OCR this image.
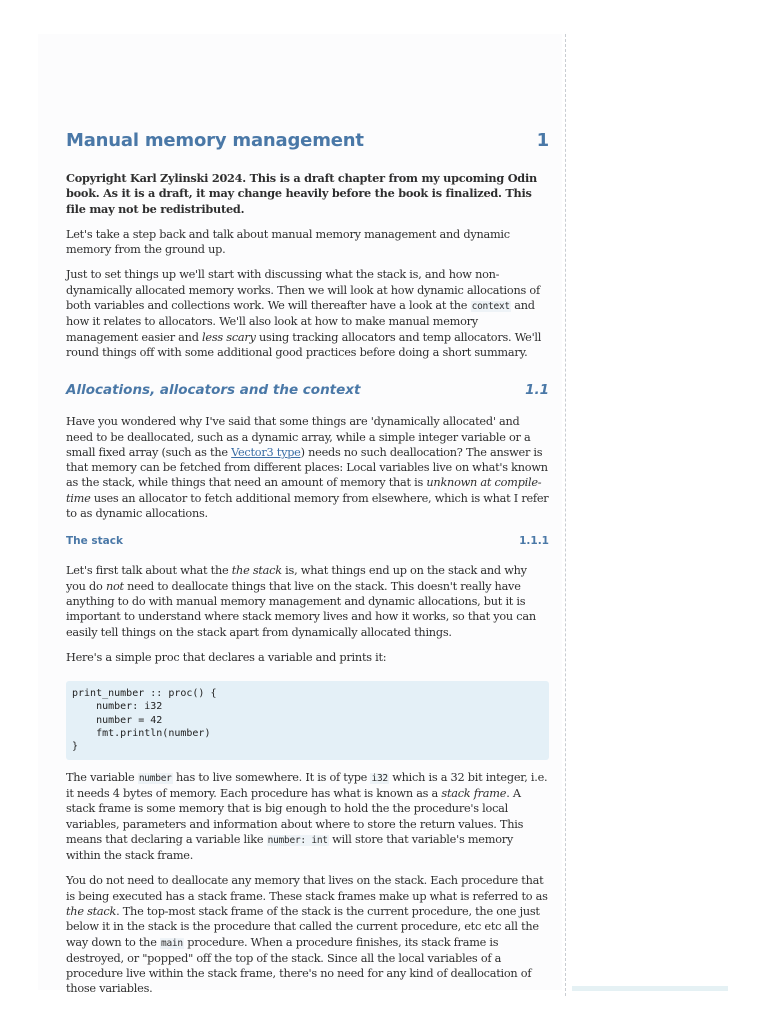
Manual memory management	1

Copyright Karl Zylinski 2024. This is a draft chapter from my upcoming Odin book. As it is a draft, it may change heavily before the book is finalized. This file may not be redistributed.

Let's take a step back and talk about manual memory management and dynamic memory from the ground up.

Just to set things up we'll start with discussing what the stack is, and how non-dynamically allocated memory works. Then we will look at how dynamic allocations of both variables and collections work. We will thereafter have a look at the context and how it relates to allocators. We'll also look at how to make manual memory management easier and less scary using tracking allocators and temp allocators. We'll round things off with some additional good practices before doing a short summary.

Allocations, allocators and the context	1.1

Have you wondered why I've said that some things are 'dynamically allocated' and need to be deallocated, such as a dynamic array, while a simple integer variable or a small fixed array (such as the Vector3 type) needs no such deallocation? The answer is that memory can be fetched from different places: Local variables live on what's known as the stack, while things that need an amount of memory that is unknown at compile-time uses an allocator to fetch additional memory from elsewhere, which is what I refer to as dynamic allocations.

The stack	1.1.1

Let's first talk about what the the stack is, what things end up on the stack and why you do not need to deallocate things that live on the stack. This doesn't really have anything to do with manual memory management and dynamic allocations, but it is important to understand where stack memory lives and how it works, so that you can easily tell things on the stack apart from dynamically allocated things.

Here's a simple proc that declares a variable and prints it:

print_number :: proc() {
number: i32
number = 42
fmt.println(number)
}

The variable number has to live somewhere. It is of type i32 which is a 32 bit integer, i.e. it needs 4 bytes of memory. Each procedure has what is known as a stack frame. A stack frame is some memory that is big enough to hold the the procedure's local variables, parameters and information about where to store the return values. This means that declaring a variable like number: int will store that variable's memory within the stack frame.

You do not need to deallocate any memory that lives on the stack. Each procedure that is being executed has a stack frame. These stack frames make up what is referred to as the stack. The top-most stack frame of the stack is the current procedure, the one just below it in the stack is the procedure that called the current procedure, etc etc all the way down to the main procedure. When a procedure finishes, its stack frame is destroyed, or "popped" off the top of the stack. Since all the local variables of a procedure live within the stack frame, there's no need for any kind of deallocation of those variables.
